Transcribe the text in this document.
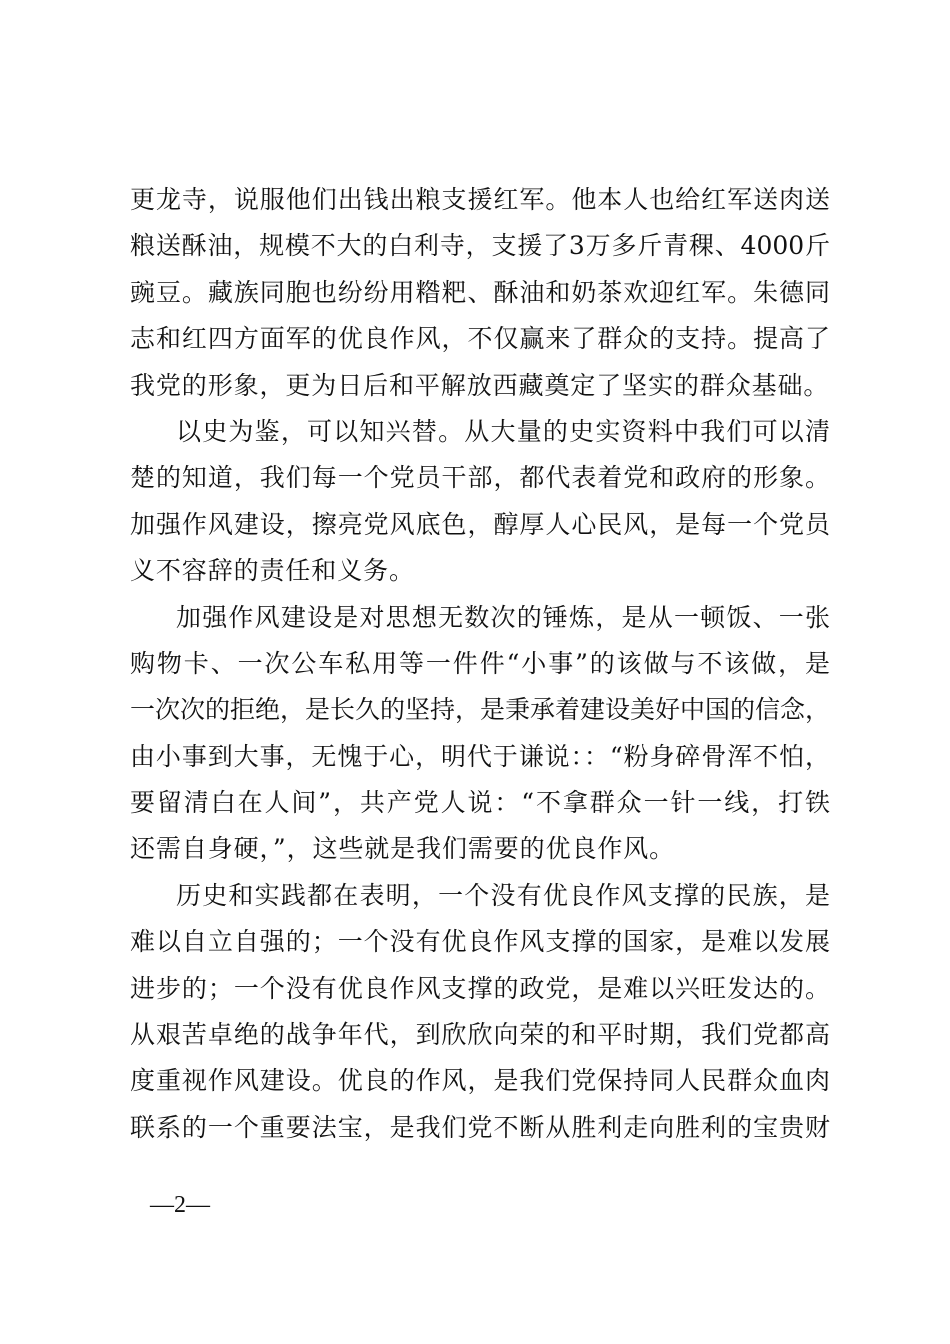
更龙寺，说服他们出钱出粮支援红军。他本人也给红军送肉送
粮送酥油，规模不大的白利寺，支援了3万多斤青稞、4000斤
豌豆。藏族同胞也纷纷用糌粑、酥油和奶茶欢迎红军。朱德同
志和红四方面军的优良作风，不仅赢来了群众的支持。提高了
我党的形象，更为日后和平解放西藏奠定了坚实的群众基础。
以史为鉴，可以知兴替。从大量的史实资料中我们可以清
楚的知道，我们每一个党员干部，都代表着党和政府的形象。
加强作风建设，擦亮党风底色，醇厚人心民风，是每一个党员
义不容辞的责任和义务。
加强作风建设是对思想无数次的锤炼，是从一顿饭、一张
购物卡、一次公车私用等一件件“小事”的该做与不该做，是
一次次的拒绝，是长久的坚持，是秉承着建设美好中国的信念，
由小事到大事，无愧于心，明代于谦说：：“粉身碎骨浑不怕，
要留清白在人间”，共产党人说：“不拿群众一针一线，打铁
还需自身硬，”，这些就是我们需要的优良作风。
历史和实践都在表明，一个没有优良作风支撑的民族，是
难以自立自强的；一个没有优良作风支撑的国家，是难以发展
进步的；一个没有优良作风支撑的政党，是难以兴旺发达的。
从艰苦卓绝的战争年代，到欣欣向荣的和平时期，我们党都高
度重视作风建设。优良的作风，是我们党保持同人民群众血肉
联系的一个重要法宝，是我们党不断从胜利走向胜利的宝贵财
—2—
